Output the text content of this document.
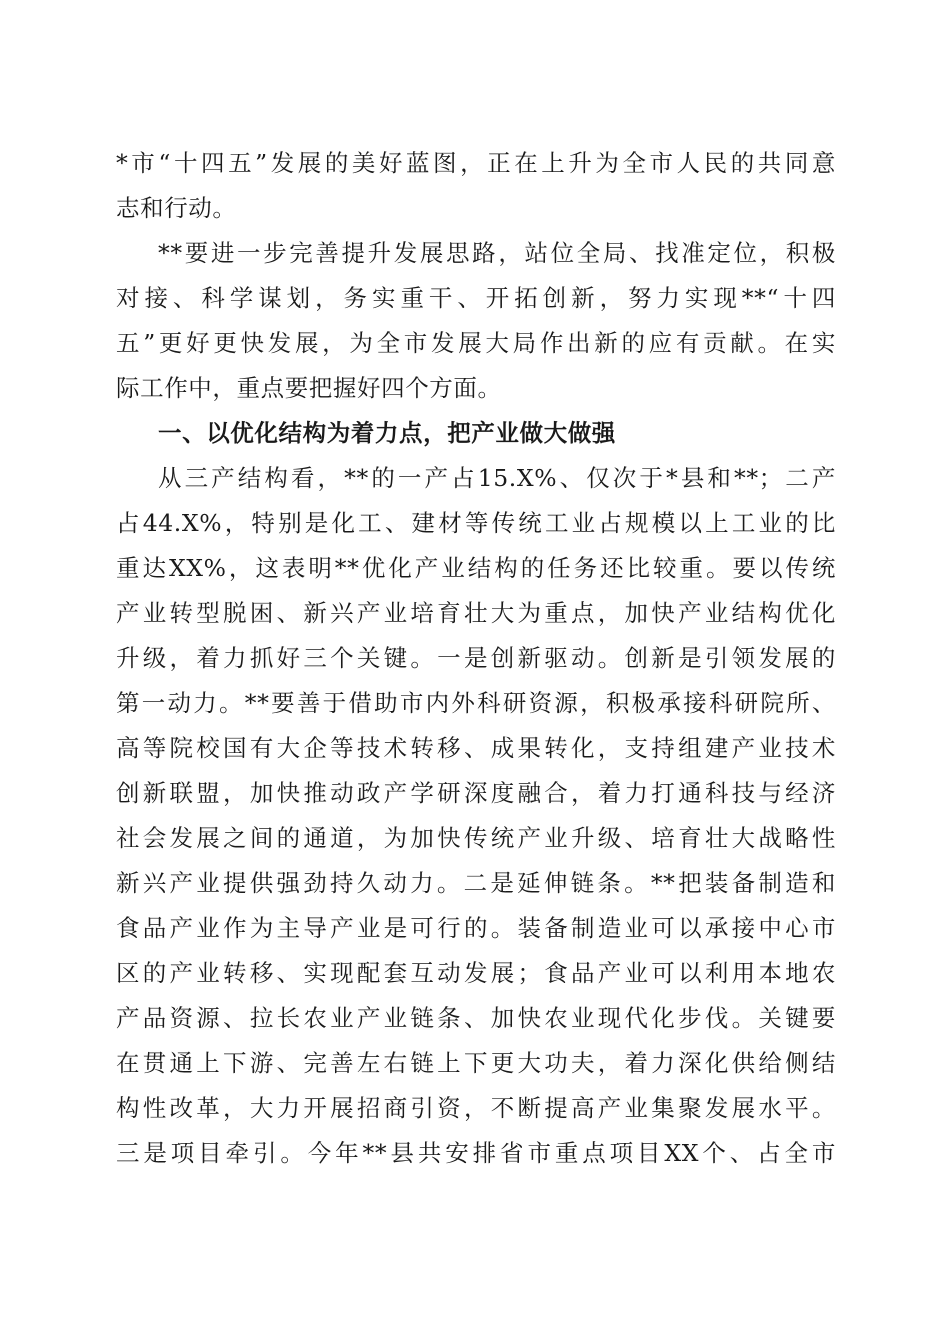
*市“十四五”发展的美好蓝图，正在上升为全市人民的共同意
志和行动。
**要进一步完善提升发展思路，站位全局、找准定位，积极
对接、科学谋划，务实重干、开拓创新，努力实现**“十四
五”更好更快发展，为全市发展大局作出新的应有贡献。在实
际工作中，重点要把握好四个方面。
一、以优化结构为着力点，把产业做大做强
从三产结构看，**的一产占15.X%、仅次于*县和**；二产
占44.X%，特别是化工、建材等传统工业占规模以上工业的比
重达XX%，这表明**优化产业结构的任务还比较重。要以传统
产业转型脱困、新兴产业培育壮大为重点，加快产业结构优化
升级，着力抓好三个关键。一是创新驱动。创新是引领发展的
第一动力。**要善于借助市内外科研资源，积极承接科研院所、
高等院校国有大企等技术转移、成果转化，支持组建产业技术
创新联盟，加快推动政产学研深度融合，着力打通科技与经济
社会发展之间的通道，为加快传统产业升级、培育壮大战略性
新兴产业提供强劲持久动力。二是延伸链条。**把装备制造和
食品产业作为主导产业是可行的。装备制造业可以承接中心市
区的产业转移、实现配套互动发展；食品产业可以利用本地农
产品资源、拉长农业产业链条、加快农业现代化步伐。关键要
在贯通上下游、完善左右链上下更大功夫，着力深化供给侧结
构性改革，大力开展招商引资，不断提高产业集聚发展水平。
三是项目牵引。今年**县共安排省市重点项目XX个、占全市
